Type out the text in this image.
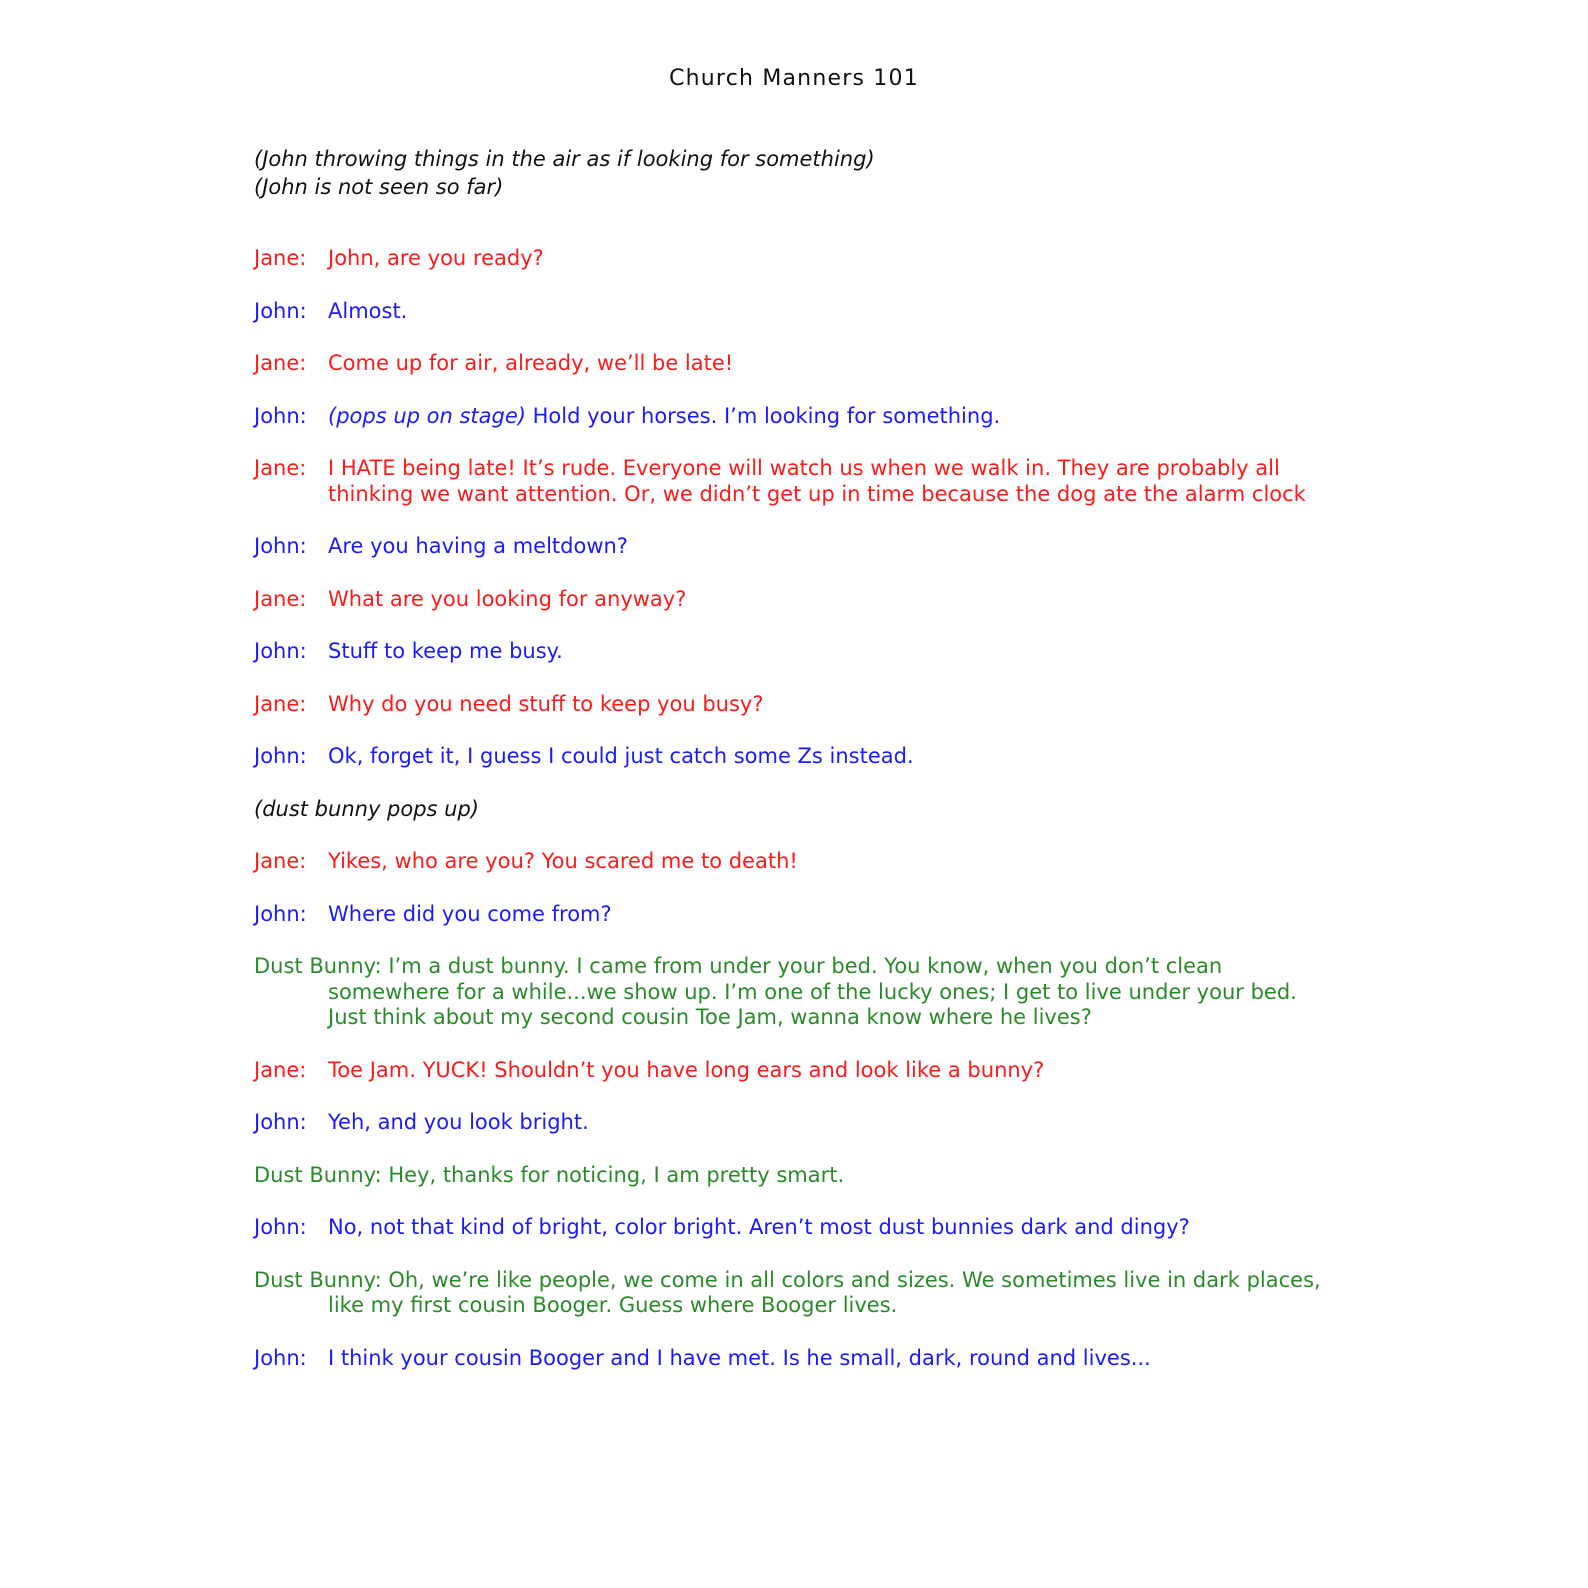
Church Manners 101
(John throwing things in the air as if looking for something)
(John is not seen so far)
Jane: John, are you ready?
John: Almost.
Jane: Come up for air, already, we’ll be late!
John: (pops up on stage) Hold your horses. I’m looking for something.
Jane: I HATE being late! It’s rude. Everyone will watch us when we walk in. They are probably all thinking we want attention. Or, we didn’t get up in time because the dog ate the alarm clock
John: Are you having a meltdown?
Jane: What are you looking for anyway?
John: Stuff to keep me busy.
Jane: Why do you need stuff to keep you busy?
John: Ok, forget it, I guess I could just catch some Zs instead.
(dust bunny pops up)
Jane: Yikes, who are you? You scared me to death!
John: Where did you come from?
Dust Bunny: I’m a dust bunny. I came from under your bed. You know, when you don’t clean somewhere for a while...we show up. I’m one of the lucky ones; I get to live under your bed. Just think about my second cousin Toe Jam, wanna know where he lives?
Jane: Toe Jam. YUCK! Shouldn’t you have long ears and look like a bunny?
John: Yeh, and you look bright.
Dust Bunny: Hey, thanks for noticing, I am pretty smart.
John: No, not that kind of bright, color bright. Aren’t most dust bunnies dark and dingy?
Dust Bunny: Oh, we’re like people, we come in all colors and sizes. We sometimes live in dark places, like my first cousin Booger. Guess where Booger lives.
John: I think your cousin Booger and I have met. Is he small, dark, round and lives...
